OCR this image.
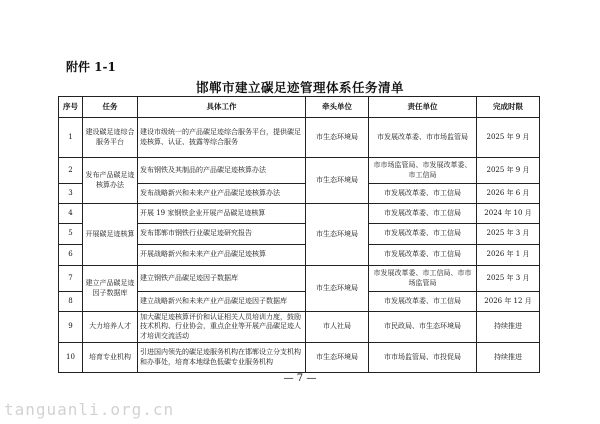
附件 1-1
邯郸市建立碳足迹管理体系任务清单
序号	任务	具体工作	牵头单位	责任单位	完成时限
1	建设碳足迹综合服务平台	建设市级统一的产品碳足迹综合服务平台，提供碳足迹核算、认证、披露等综合服务	市生态环境局	市发展改革委、市市场监管局	2025 年 9 月
2	发布产品碳足迹核算办法	发布钢铁及其制品的产品碳足迹核算办法	市生态环境局	市市场监管局、市发展改革委、市工信局	2025 年 9 月
3		发布战略新兴和未来产业产品碳足迹核算办法		市发展改革委、市工信局	2026 年 6 月
4	开展碳足迹核算	开展 19 家钢铁企业开展产品碳足迹核算	市生态环境局	市发展改革委、市工信局	2024 年 10 月
5		发布邯郸市钢铁行业碳足迹研究报告		市发展改革委、市工信局	2025 年 3 月
6		开展战略新兴和未来产业产品碳足迹核算		市发展改革委、市工信局	2026 年 1 月
7	建立产品碳足迹因子数据库	建立钢铁产品碳足迹因子数据库	市生态环境局	市发展改革委、市工信局、市市场监管局	2025 年 3 月
8		建立战略新兴和未来产业产品碳足迹因子数据库		市发展改革委、市工信局	2026 年 12 月
9	大力培养人才	加大碳足迹核算评价和认证相关人员培训力度，鼓励技术机构、行业协会，重点企业等开展产品碳足迹人才培训交流活动	市人社局	市民政局、市生态环境局	持续推进
10	培育专业机构	引进国内领先的碳足迹服务机构在邯郸设立分支机构和办事处，培育本地绿色低碳专业服务机构	市生态环境局	市市场监管局、市投促局	持续推进
— 7 —
tanguanli.org.cn
